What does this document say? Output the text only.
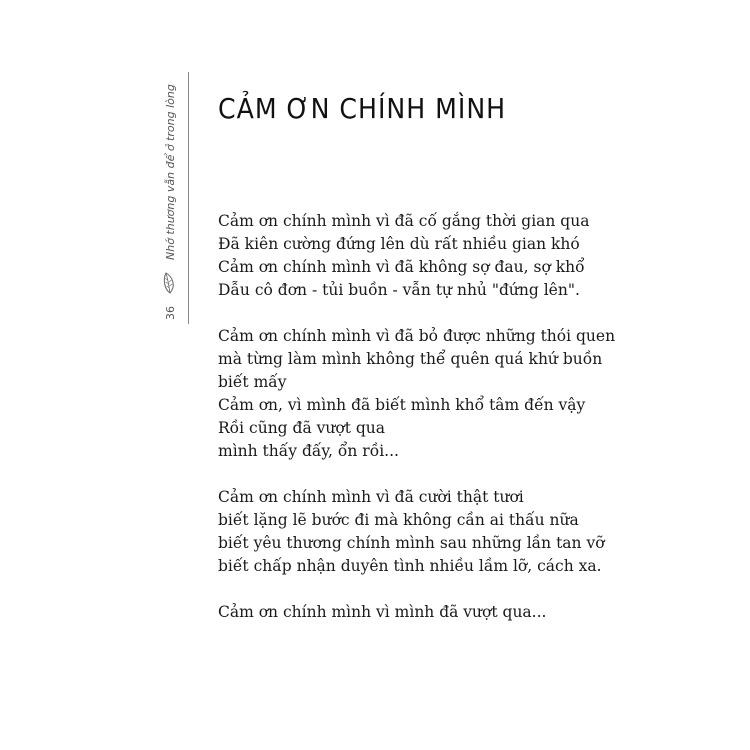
36
Nhớ thương vẫn để ở trong lòng CẢM ƠN CHÍNH MÌNH

Cảm ơn chính mình vì đã cố gắng thời gian qua
Đã kiên cường đứng lên dù rất nhiều gian khó
Cảm ơn chính mình vì đã không sợ đau, sợ khổ
Dẫu cô đơn - tủi buồn - vẫn tự nhủ "đứng lên".

Cảm ơn chính mình vì đã bỏ được những thói quen
mà từng làm mình không thể quên quá khứ buồn
biết mấy
Cảm ơn, vì mình đã biết mình khổ tâm đến vậy
Rồi cũng đã vượt qua
mình thấy đấy, ổn rồi...

Cảm ơn chính mình vì đã cười thật tươi
biết lặng lẽ bước đi mà không cần ai thấu nữa
biết yêu thương chính mình sau những lần tan vỡ
biết chấp nhận duyên tình nhiều lầm lỡ, cách xa.

Cảm ơn chính mình vì mình đã vượt qua...
